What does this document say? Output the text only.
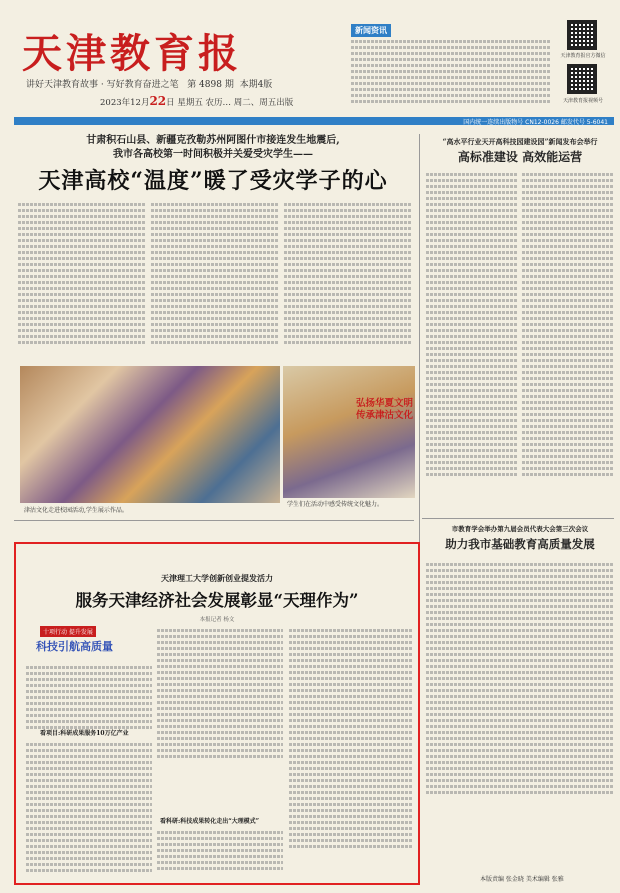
天津教育报
讲好天津教育故事 · 写好教育奋进之笔 第 4898 期 本期4版
2023年12月22日 星期五 农历… 周二、周五出版
新闻资讯
天津教育报官方微信
天津教育报视频号
国内统一连续出版物号 CN12-0026 邮发代号 5-6041
甘肃积石山县、新疆克孜勒苏州阿图什市接连发生地震后,
我市各高校第一时间积极并关爱受灾学生——
天津高校“温度”暖了受灾学子的心
弘扬华夏文明
传承津沽文化
津沽文化走进校园活动,学生展示作品。
学生们在活动中感受传统文化魅力。
“高水平行业天开高科技园建设园”新闻发布会举行
高标准建设 高效能运营
市教育学会举办第九届会员代表大会第三次会议
助力我市基础教育高质量发展
天津理工大学创新创业提发活力
服务天津经济社会发展彰显“天理作为”
本报记者 杨文
十项行动 提升发展
科技引航高质量
看项目:科研成果服务10万亿产业
看科研:科技成果转化走出“大理模式”
本版责编 张金晓 美术编辑 张雅
